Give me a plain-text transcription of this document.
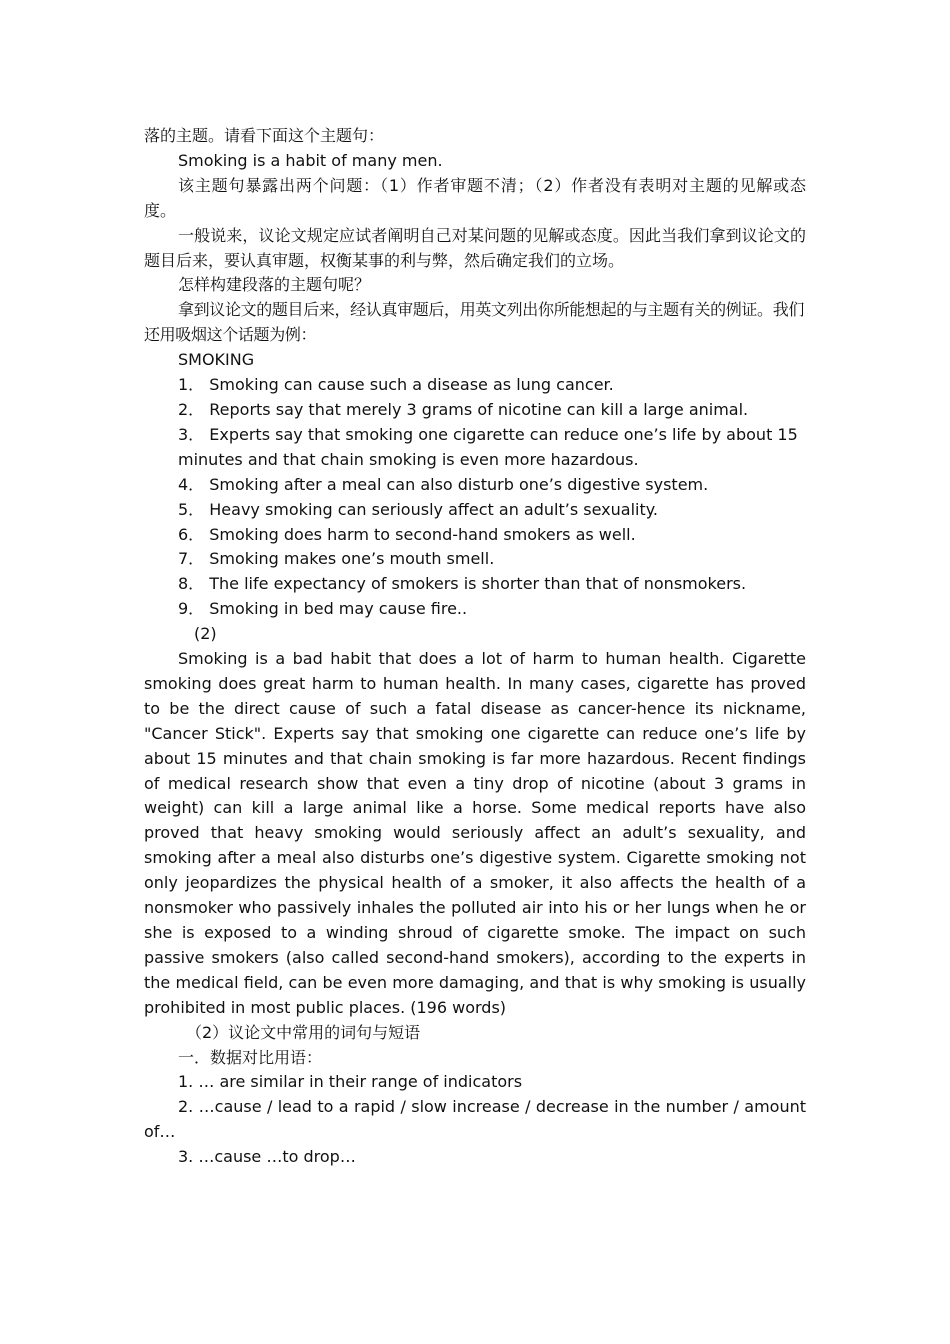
落的主题。请看下面这个主题句：
Smoking is a habit of many men.
该主题句暴露出两个问题：（1）作者审题不清；（2）作者没有表明对主题的见解或态度。
一般说来，议论文规定应试者阐明自己对某问题的见解或态度。因此当我们拿到议论文的题目后来，要认真审题，权衡某事的利与弊，然后确定我们的立场。
怎样构建段落的主题句呢？
拿到议论文的题目后来，经认真审题后，用英文列出你所能想起的与主题有关的例证。我们还用吸烟这个话题为例：
SMOKING
1． Smoking can cause such a disease as lung cancer.
2． Reports say that merely 3 grams of nicotine can kill a large animal.
3． Experts say that smoking one cigarette can reduce one’s life by about 15
minutes and that chain smoking is even more hazardous.
4． Smoking after a meal can also disturb one’s digestive system.
5． Heavy smoking can seriously affect an adult’s sexuality.
6． Smoking does harm to second-hand smokers as well.
7． Smoking makes one’s mouth smell.
8． The life expectancy of smokers is shorter than that of nonsmokers.
9． Smoking in bed may cause fire..
(2)
Smoking is a bad habit that does a lot of harm to human health. Cigarette smoking does great harm to human health. In many cases, cigarette has proved to be the direct cause of such a fatal disease as cancer-hence its nickname, "Cancer Stick". Experts say that smoking one cigarette can reduce one’s life by about 15 minutes and that chain smoking is far more hazardous. Recent findings of medical research show that even a tiny drop of nicotine (about 3 grams in weight) can kill a large animal like a horse. Some medical reports have also proved that heavy smoking would seriously affect an adult’s sexuality, and smoking after a meal also disturbs one’s digestive system. Cigarette smoking not only jeopardizes the physical health of a smoker, it also affects the health of a nonsmoker who passively inhales the polluted air into his or her lungs when he or she is exposed to a winding shroud of cigarette smoke. The impact on such passive smokers (also called second-hand smokers), according to the experts in the medical field, can be even more damaging, and that is why smoking is usually prohibited in most public places. (196 words)
（2）议论文中常用的词句与短语
一．数据对比用语：
1. … are similar in their range of indicators
2. …cause / lead to a rapid / slow increase / decrease in the number / amount of…
3. …cause …to drop…
